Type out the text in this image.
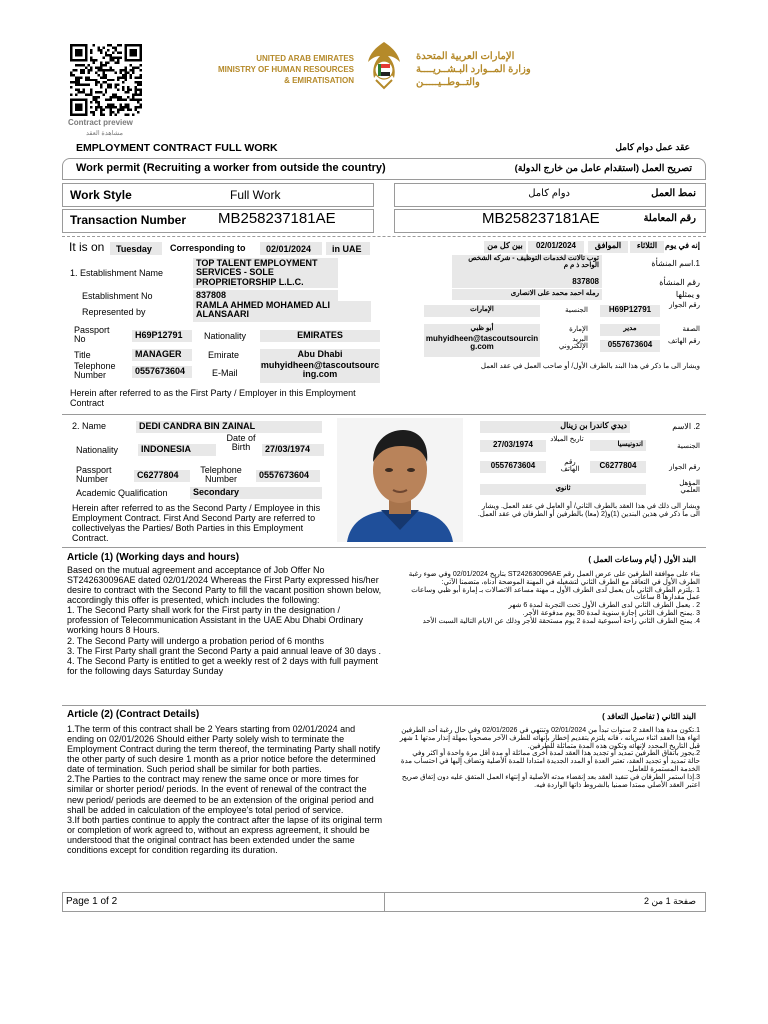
Contract preview
مشاهدة العقد
UNITED ARAB EMIRATES
MINISTRY OF HUMAN RESOURCES
& EMIRATISATION
الإمارات العربية المتحدة
وزارة المــوارد البـشــريــــة
والتــوطــيـــــن
EMPLOYMENT CONTRACT FULL WORK	عقد عمل دوام كامل
Work permit (Recruiting a worker from outside the country)	تصريح العمل (استقدام عامل من خارج الدولة)
Work Style	Full Work	دوام كامل	نمط العمل
Transaction Number MB258237181AE	MB258237181AE	رقم المعاملة
It is on	Tuesday	Corresponding to	02/01/2024	in UAE
1. Establishment Name
TOP TALENT EMPLOYMENT SERVICES - SOLE PROPRIETORSHIP L.L.C.
Establishment No	837808
Represented by
RAMLA AHMED MOHAMED ALI ALANSAARI
Passport No	H69P12791	Nationality	EMIRATES
Title	MANAGER	Emirate	Abu Dhabi
Telephone Number	0557673604	E-Mail
muhyidheen@tascoutsourcing.com
Herein after referred to as the First Party / Employer in this Employment Contract
إنه في يوم
الثلاثاء
الموافق
02/01/2024
بين كل من
1.اسم المنشأة
توب تالانت لخدمات التوظيف - شركه الشخص الواحد ذ م م
رقم المنشأة
837808
و يمثلها
رمله احمد محمد علی الانصاری
رقم الجواز
H69P12791
الجنسية
الإمارات
الصفة
مدير
الإمارة
أبو ظبي
رقم الهاتف
0557673604
البريد الإلكتروني
muhyidheen@tascoutsourcing.com
ويشار الى ما ذكر في هذا البند بالطرف الأول/ أو صاحب العمل في عقد العمل
2. Name	DEDI CANDRA BIN ZAINAL
Nationality	INDONESIA
Date of Birth	27/03/1974
Passport Number	C6277804	Telephone Number	0557673604
Academic Qualification	Secondary
Herein after referred to as the Second Party / Employee in this Employment Contract. First And Second Party are referred to collectivelyas the Parties/ Both Parties in this Employment Contract.
2. الاسم
ديدي كاندرا بن زينال
الجنسية
اندونيسيا
تاريخ الميلاد
27/03/1974
رقم الجواز
C6277804
رقم الهاتف
0557673604
المؤهل العلمي
ثانوي
ويشار الى ذلك في هذا العقد بالطرف الثاني/ أو العامل في عقد العمل. ويشار الى ما ذكر في هذين البندين (1)و(2 (معا) بالطرفين أو الطرفان في عقد العمل.
Article (1) (Working days and hours)	البند الأول ( أيام وساعات العمل )
Based on the mutual agreement and acceptance of Job Offer No ST242630096AE dated 02/01/2024 Whereas the First Party expressed his/her desire to contract with the Second Party to fill the vacant position shown below, accordingly this offer is presented, which includes the following:
1. The Second Party shall work for the First party in the designation / profession of Telecommunication Assistant in the UAE Abu Dhabi Ordinary working hours 8 Hours.
2. The Second Party will undergo a probation period of 6 months
3. The First Party shall grant the Second Party a paid annual leave of 30 days .
4. The Second Party is entitled to get a weekly rest of 2 days with full payment for the following days Saturday Sunday
بناء على موافقة الطرفين على عرض العمل رقم ST242630096AE بتاريخ 02/01/2024 وفي ضوء رغبة الطرف الأول في التعاقد مع الطرف الثاني لتشغيله في المهنة الموضحة أدناه، متضمنا الآتي:
1 .يلتزم الطرف الثاني بأن يعمل لدى الطرف الأول بـ مهنة مساعد الاتصالات بـ إمارة أبو ظبي وساعات عمل مقدارها 8 ساعات
2 . يعمل الطرف الثاني لدى الطرف الأول تحت التجربة لمدة 6 شهر
3 .يمنح الطرف الثاني إجازة سنوية لمدة 30 يوم مدفوعة الأجر.
4. يمنح الطرف الثاني راحة أسبوعية لمدة 2 يوم مستحقة للأجر وذلك عن الايام التالية السبت الأحد
Article (2) (Contract Details)	البند الثاني ( تفاصيل التعاقد )
1.The term of this contract shall be 2 Years starting from 02/01/2024 and ending on 02/01/2026 Should either Party solely wish to terminate the Employment Contract during the term thereof, the terminating Party shall notify the other party of such desire 1 month as a prior notice before the determined date of termination. Such period shall be similar for both parties.
2.The Parties to the contract may renew the same once or more times for similar or shorter period/ periods. In the event of renewal of the contract the new period/ periods are deemed to be an extension of the original period and shall be added in calculation of the employee's total period of service.
3.If both parties continue to apply the contract after the lapse of its original term or completion of work agreed to, without an express agreement, it should be understood that the original contract has been extended under the same conditions except for condition regarding its duration.
1.تكون مدة هذا العقد 2 سنوات تبدأ من 02/01/2024 وتنتهي في 02/01/2026 وفي حال رغبة أحد الطرفين انهاء هذا العقد اثناء سريانه ، فانه يلتزم بتقديم إخطار بإنهائه للطرف الآخر مصحوبا بمهلة إنذار مدتها 1 شهر قبل التاريخ المحدد لإنهائه وتكون هذه المدة متماثلة للطرفين.
2.يجوز باتفاق الطرفين تمديد أو تجديد هذا العقد لمدة أخرى مماثلة أو مدة أقل مرة واحدة أو اكثر وفي حالة تمديد أو تجديد العقد، تعتبر العدة أو المدد الجديدة امتدادا للمدة الأصلية وتضاف إليها في احتساب مدة الخدمة المستمرة للعامل.
3.إذا استمر الطرفان في تنفيذ العقد بعد إنقضاء مدته الأصلية أو إنتهاء العمل المتفق عليه دون إتفاق صريح اعتبر العقد الأصلي ممتدا ضمنيا بالشروط ذاتها الواردة فيه.
Page 1 of 2	صفحة 1 من 2
